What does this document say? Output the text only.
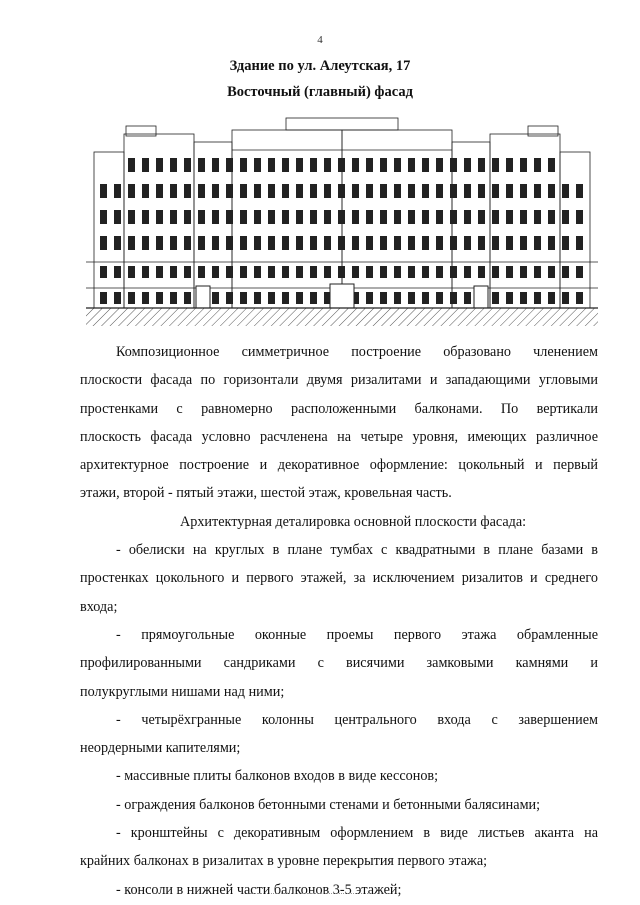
4
Здание по ул. Алеутская, 17
Восточный (главный) фасад

Композиционное симметричное построение образовано членением

плоскости фасада по горизонтали двумя ризалитами и западающими угловыми

простенками с равномерно расположенными балконами. По вертикали

плоскость фасада условно расчленена на четыре уровня, имеющих различное

архитектурное построение и декоративное оформление: цокольный и первый

этажи, второй - пятый этажи, шестой этаж, кровельная часть.

Архитектурная деталировка основной плоскости фасада:

- обелиски на круглых в плане тумбах с квадратными в плане базами в

простенках цокольного и первого этажей, за исключением ризалитов и среднего

входа;

- прямоугольные оконные проемы первого этажа обрамленные

профилированными сандриками с висячими замковыми камнями и

полукруглыми нишами над ними;

- четырёхгранные колонны центрального входа с завершением

неордерными капителями;

- массивные плиты балконов входов в виде кессонов;

- ограждения балконов бетонными стенами и бетонными балясинами;

- кронштейны с декоративным оформлением в виде листьев аканта на

крайних балконах в ризалитах в уровне перекрытия первого этажа;

- консоли в нижней части балконов 3-5 этажей;
